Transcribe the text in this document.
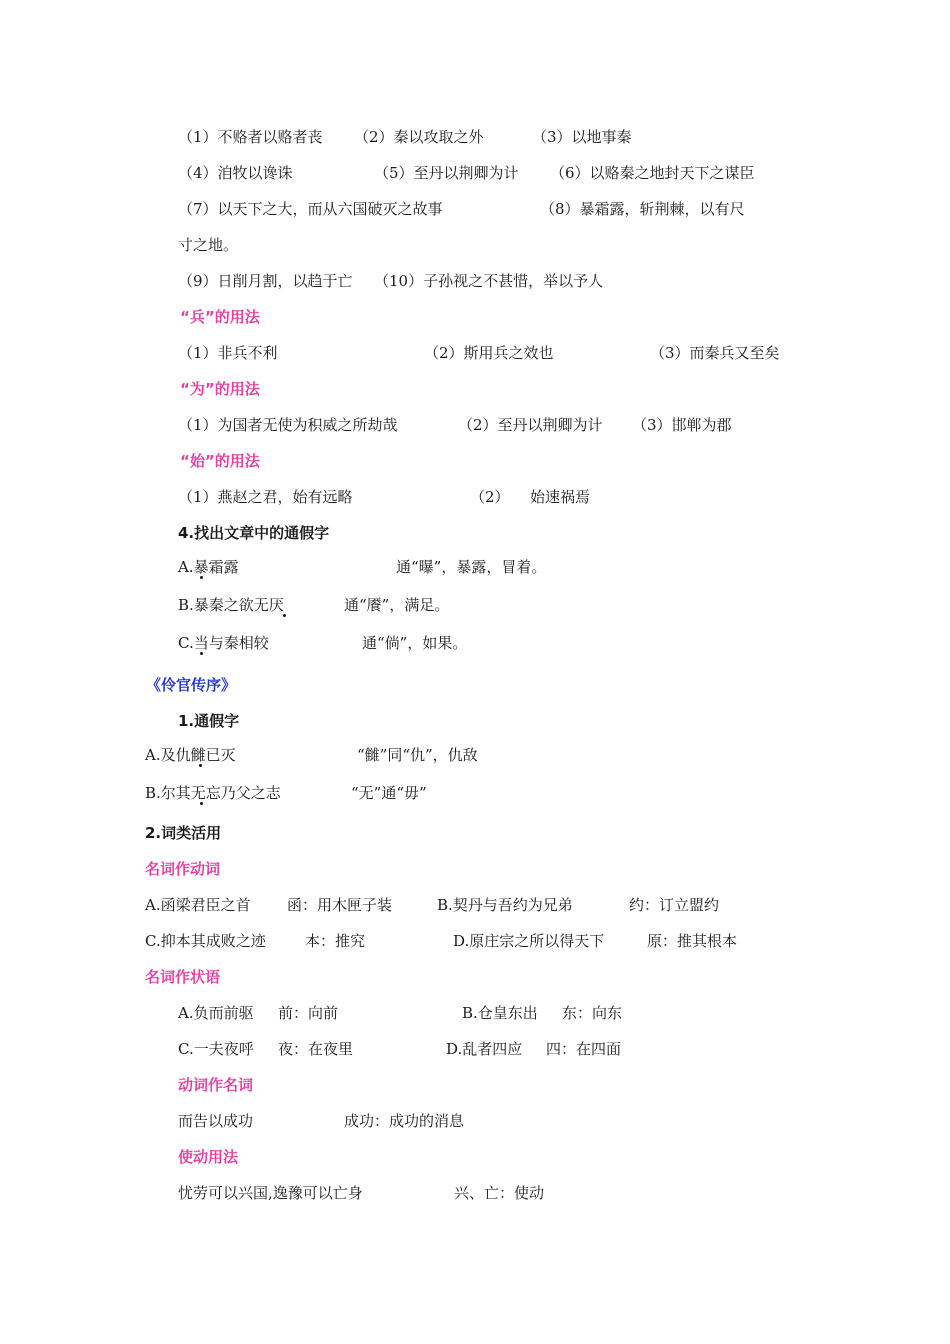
（1）不赂者以赂者丧 （2）秦以攻取之外	（3）以地事秦
（4）洎牧以谗诛	（5）至丹以荆卿为计 （6）以赂秦之地封天下之谋臣
（7）以天下之大，而从六国破灭之故事	（8）暴霜露，斩荆棘，以有尺
寸之地。
（9）日削月割，以趋于亡 （10）子孙视之不甚惜，举以予人
“兵”的用法
（1）非兵不利	（2）斯用兵之效也	（3）而秦兵又至矣
“为”的用法
（1）为国者无使为积威之所劫哉	（2）至丹以荆卿为计 （3）邯郸为郡
“始”的用法
（1）燕赵之君，始有远略	（2） 始速祸焉
4.找出文章中的通假字
A.暴霜露	通“曝”，暴露，冒着。
B.暴秦之欲无厌	通“餍”，满足。
C.当与秦相较	通“倘”，如果。
《伶官传序》
1.通假字
A.及仇雠已灭	“雠”同“仇”，仇敌
B.尔其无忘乃父之志	“无”通“毋”
2.词类活用
名词作动词
A.函梁君臣之首 函：用木匣子装	B.契丹与吾约为兄弟	约：订立盟约
C.抑本其成败之迹	本：推究	D.原庄宗之所以得天下	原：推其根本
名词作状语
A.负而前驱 前：向前	B.仓皇东出 东：向东
C.一夫夜呼 夜：在夜里	D.乱者四应 四：在四面
动词作名词
而告以成功	成功：成功的消息
使动用法
忧劳可以兴国,逸豫可以亡身	兴、亡：使动
